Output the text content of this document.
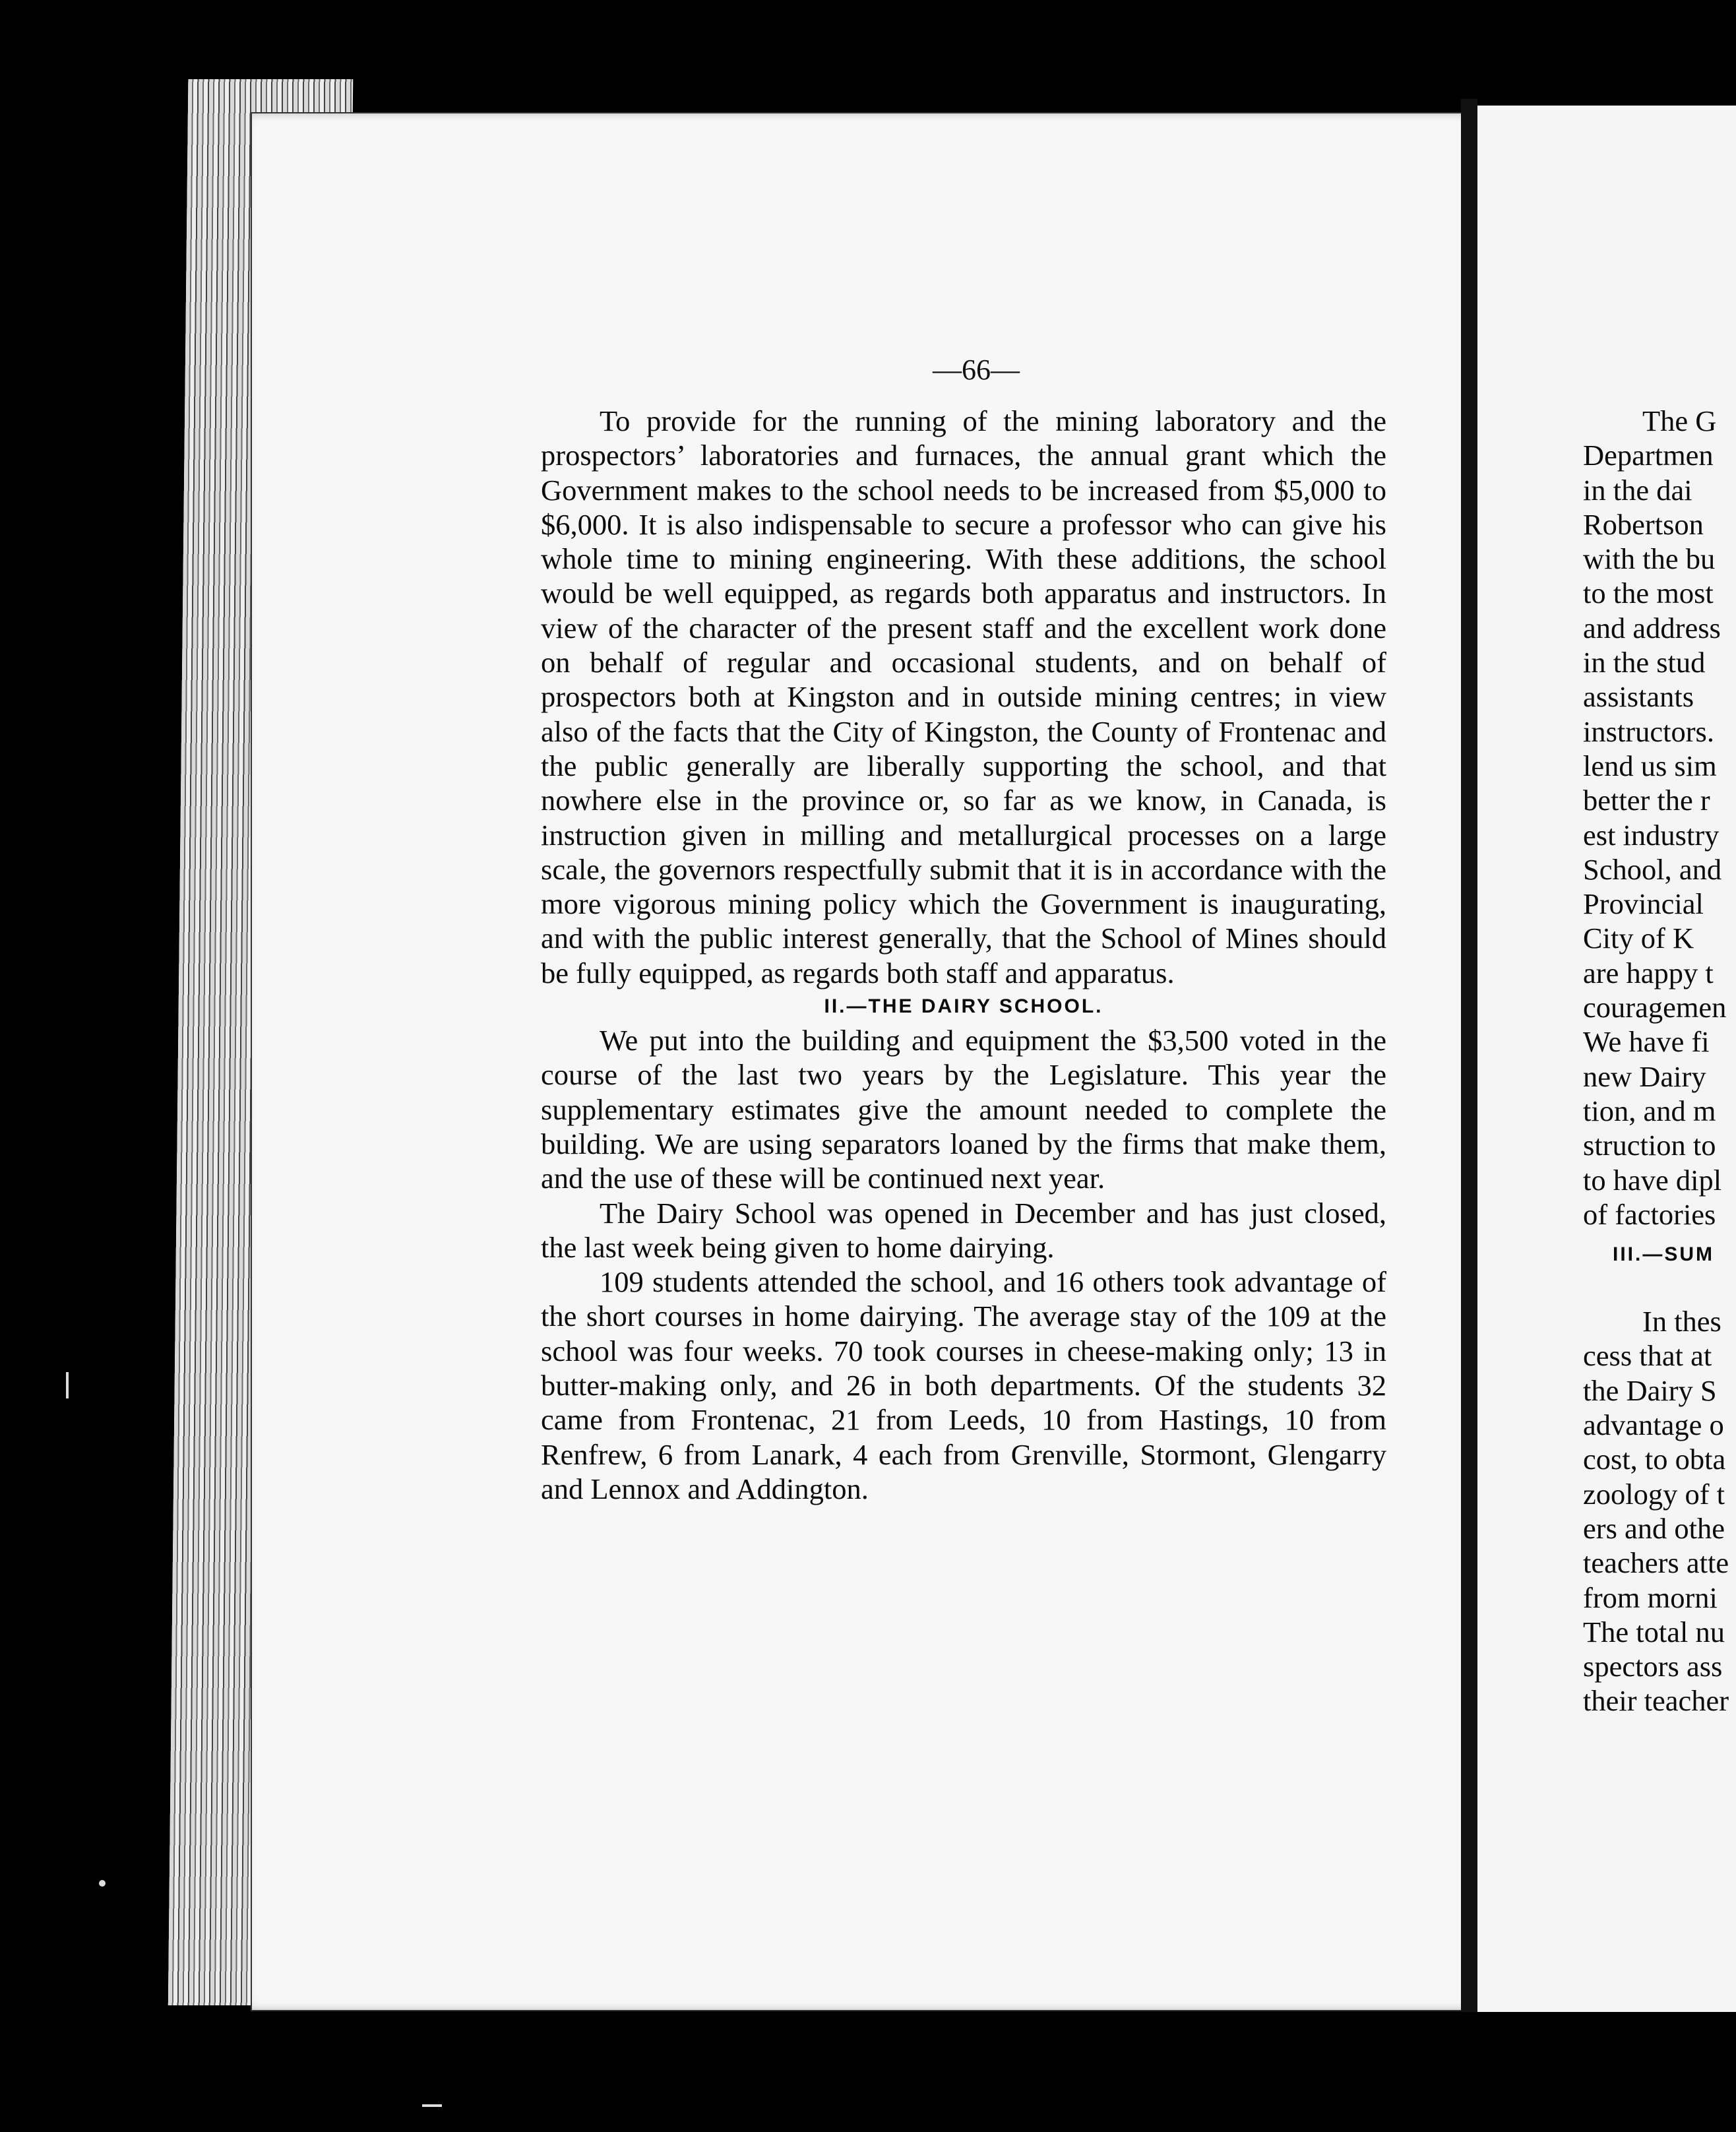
—66—

To provide for the running of the mining laboratory and the prospectors’ laboratories and furnaces, the annual grant which the Government makes to the school needs to be increased from $5,000 to $6,000. It is also indispensable to secure a professor who can give his whole time to mining engineering. With these additions, the school would be well equipped, as regards both apparatus and instructors. In view of the character of the present staff and the excellent work done on behalf of regular and occasional students, and on behalf of prospectors both at Kingston and in outside mining centres; in view also of the facts that the City of Kingston, the County of Frontenac and the public generally are liberally supporting the school, and that nowhere else in the province or, so far as we know, in Canada, is instruction given in milling and metallurgical processes on a large scale, the governors respectfully submit that it is in accordance with the more vigorous mining policy which the Government is inaugurating, and with the public interest generally, that the School of Mines should be fully equipped, as regards both staff and apparatus.

II.—THE DAIRY SCHOOL.

We put into the building and equipment the $3,500 voted in the course of the last two years by the Legislature. This year the supplementary estimates give the amount needed to complete the building. We are using separators loaned by the firms that make them, and the use of these will be continued next year.

The Dairy School was opened in December and has just closed, the last week being given to home dairying.

109 students attended the school, and 16 others took advantage of the short courses in home dairying. The average stay of the 109 at the school was four weeks. 70 took courses in cheese-making only; 13 in butter-making only, and 26 in both departments. Of the students 32 came from Frontenac, 21 from Leeds, 10 from Hastings, 10 from Renfrew, 6 from Lanark, 4 each from Grenville, Stormont, Glengarry and Lennox and Addington.

The G
Departmen
in the dai
Robertson
with the bu
to the most
and address
in the stud
assistants
instructors.
lend us sim
better the r
est industry
School, and
Provincial
City of K
are happy t
couragemen
We have fi
new Dairy
tion, and m
struction to
to have dipl
of factories
III.—SUM
In thes
cess that at
the Dairy S
advantage o
cost, to obta
zoology of t
ers and othe
teachers atte
from morni
The total nu
spectors ass
their teacher
